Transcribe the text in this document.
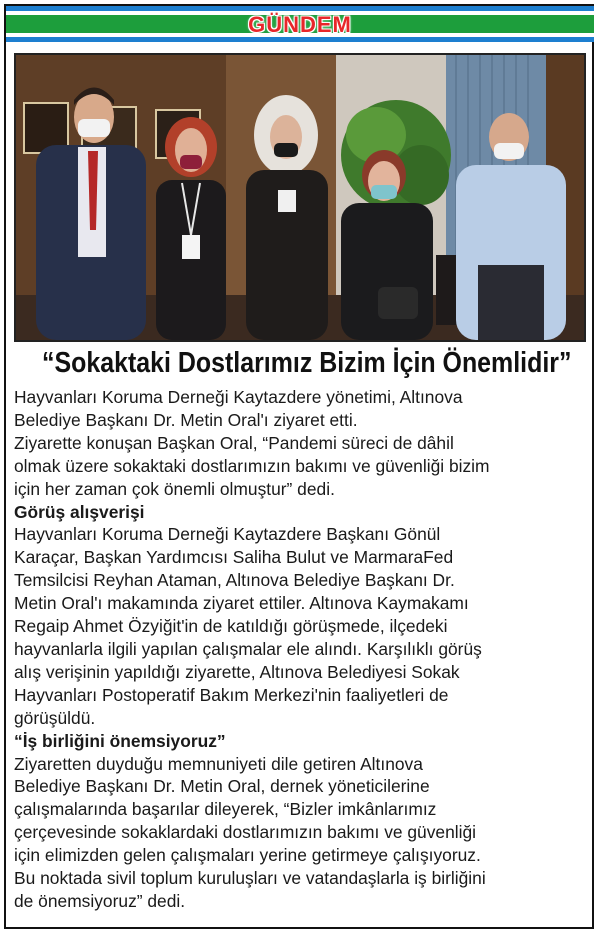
GÜNDEM
“Sokaktaki Dostlarımız Bizim İçin Önemlidir”

Hayvanları Koruma Derneği Kaytazdere yönetimi, Altınova
Belediye Başkanı Dr. Metin Oral'ı ziyaret etti.

Ziyarette konuşan Başkan Oral, “Pandemi süreci de dâhil
olmak üzere sokaktaki dostlarımızın bakımı ve güvenliği bizim
için her zaman çok önemli olmuştur” dedi.

Görüş alışverişi

Hayvanları Koruma Derneği Kaytazdere Başkanı Gönül
Karaçar, Başkan Yardımcısı Saliha Bulut ve MarmaraFed
Temsilcisi Reyhan Ataman, Altınova Belediye Başkanı Dr.
Metin Oral'ı makamında ziyaret ettiler. Altınova Kaymakamı
Regaip Ahmet Özyiğit'in de katıldığı görüşmede, ilçedeki
hayvanlarla ilgili yapılan çalışmalar ele alındı. Karşılıklı görüş
alış verişinin yapıldığı ziyarette, Altınova Belediyesi Sokak
Hayvanları Postoperatif Bakım Merkezi'nin faaliyetleri de
görüşüldü.

“İş birliğini önemsiyoruz”

Ziyaretten duyduğu memnuniyeti dile getiren Altınova
Belediye Başkanı Dr. Metin Oral, dernek yöneticilerine
çalışmalarında başarılar dileyerek, “Bizler imkânlarımız
çerçevesinde sokaklardaki dostlarımızın bakımı ve güvenliği
için elimizden gelen çalışmaları yerine getirmeye çalışıyoruz.
Bu noktada sivil toplum kuruluşları ve vatandaşlarla iş birliğini
de önemsiyoruz” dedi.
